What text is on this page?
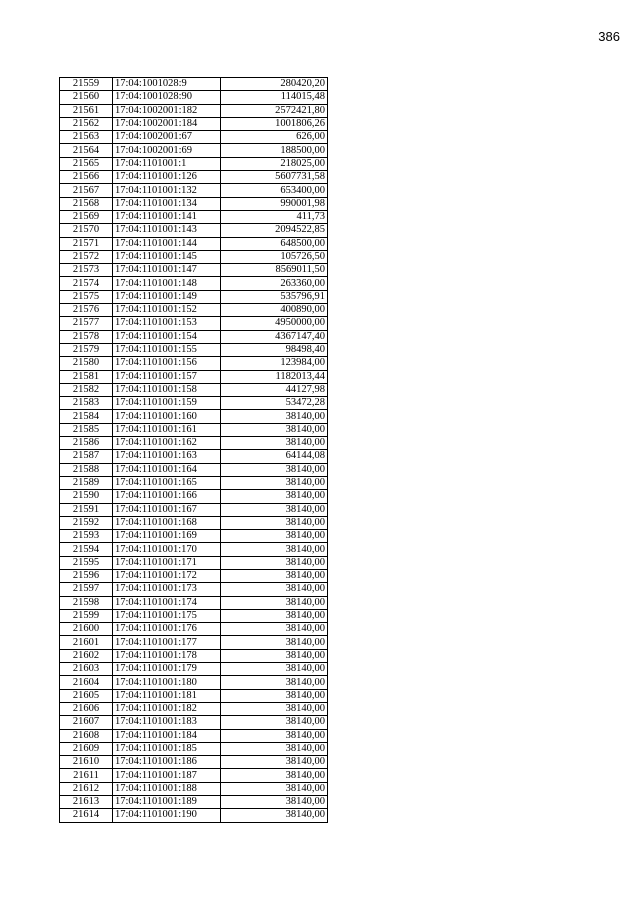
386
21559	17:04:1001028:9	280420,20
21560	17:04:1001028:90	114015,48
21561	17:04:1002001:182	2572421,80
21562	17:04:1002001:184	1001806,26
21563	17:04:1002001:67	626,00
21564	17:04:1002001:69	188500,00
21565	17:04:1101001:1	218025,00
21566	17:04:1101001:126	5607731,58
21567	17:04:1101001:132	653400,00
21568	17:04:1101001:134	990001,98
21569	17:04:1101001:141	411,73
21570	17:04:1101001:143	2094522,85
21571	17:04:1101001:144	648500,00
21572	17:04:1101001:145	105726,50
21573	17:04:1101001:147	8569011,50
21574	17:04:1101001:148	263360,00
21575	17:04:1101001:149	535796,91
21576	17:04:1101001:152	400890,00
21577	17:04:1101001:153	4950000,00
21578	17:04:1101001:154	4367147,40
21579	17:04:1101001:155	98498,40
21580	17:04:1101001:156	123984,00
21581	17:04:1101001:157	1182013,44
21582	17:04:1101001:158	44127,98
21583	17:04:1101001:159	53472,28
21584	17:04:1101001:160	38140,00
21585	17:04:1101001:161	38140,00
21586	17:04:1101001:162	38140,00
21587	17:04:1101001:163	64144,08
21588	17:04:1101001:164	38140,00
21589	17:04:1101001:165	38140,00
21590	17:04:1101001:166	38140,00
21591	17:04:1101001:167	38140,00
21592	17:04:1101001:168	38140,00
21593	17:04:1101001:169	38140,00
21594	17:04:1101001:170	38140,00
21595	17:04:1101001:171	38140,00
21596	17:04:1101001:172	38140,00
21597	17:04:1101001:173	38140,00
21598	17:04:1101001:174	38140,00
21599	17:04:1101001:175	38140,00
21600	17:04:1101001:176	38140,00
21601	17:04:1101001:177	38140,00
21602	17:04:1101001:178	38140,00
21603	17:04:1101001:179	38140,00
21604	17:04:1101001:180	38140,00
21605	17:04:1101001:181	38140,00
21606	17:04:1101001:182	38140,00
21607	17:04:1101001:183	38140,00
21608	17:04:1101001:184	38140,00
21609	17:04:1101001:185	38140,00
21610	17:04:1101001:186	38140,00
21611	17:04:1101001:187	38140,00
21612	17:04:1101001:188	38140,00
21613	17:04:1101001:189	38140,00
21614	17:04:1101001:190	38140,00
